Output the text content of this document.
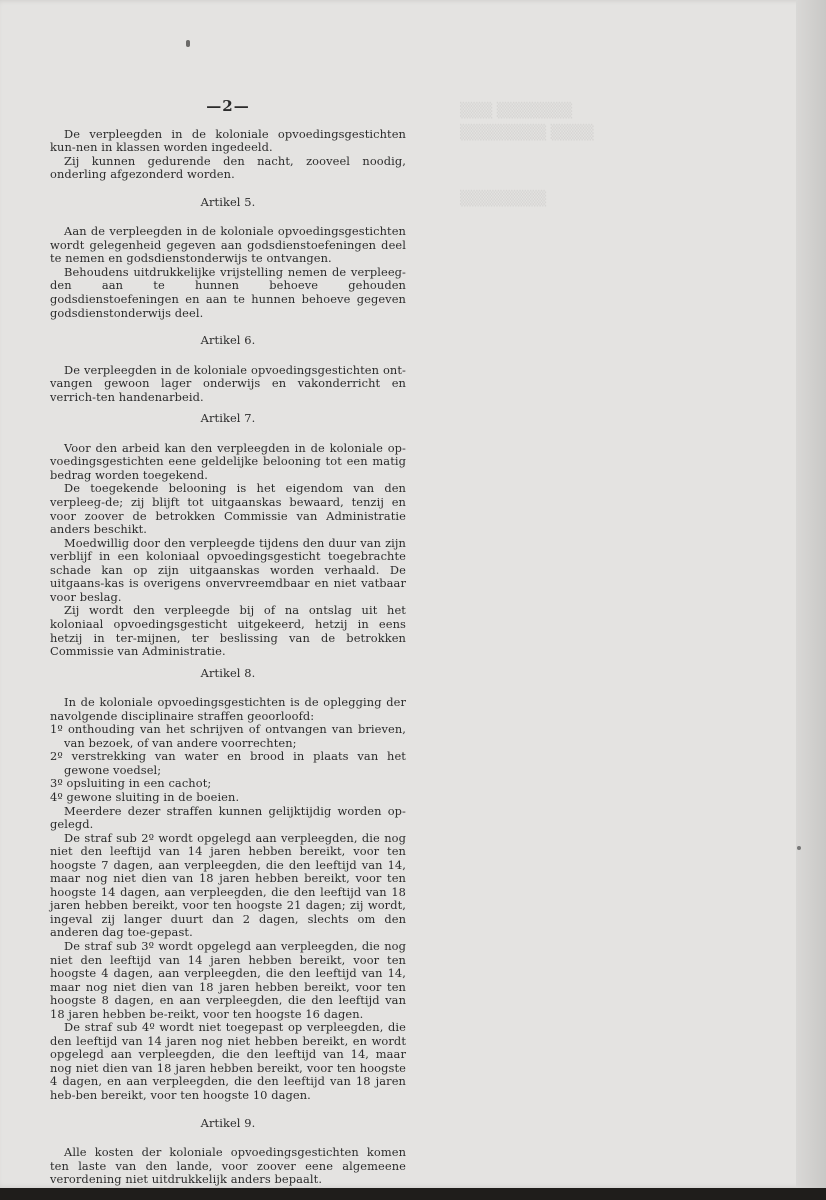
▒▒▒ ▒▒▒▒▒▒▒
▒▒▒▒▒▒▒▒ ▒▒▒▒

▒▒▒▒▒▒▒▒
—2—
De verpleegden in de koloniale opvoedingsgestichten kun-nen in klassen worden ingedeeld.
Zij kunnen gedurende den nacht, zooveel noodig, onderling afgezonderd worden.
Artikel 5.
Aan de verpleegden in de koloniale opvoedingsgestichten wordt gelegenheid gegeven aan godsdienstoefeningen deel te nemen en godsdienstonderwijs te ontvangen.
Behoudens uitdrukkelijke vrijstelling nemen de verpleeg-den aan te hunnen behoeve gehouden godsdienstoefeningen en aan te hunnen behoeve gegeven godsdienstonderwijs deel.
Artikel 6.
De verpleegden in de koloniale opvoedingsgestichten ont-vangen gewoon lager onderwijs en vakonderricht en verrich-ten handenarbeid.
Artikel 7.
Voor den arbeid kan den verpleegden in de koloniale op-voedingsgestichten eene geldelijke belooning tot een matig bedrag worden toegekend.
De toegekende belooning is het eigendom van den verpleeg-de; zij blijft tot uitgaanskas bewaard, tenzij en voor zoover de betrokken Commissie van Administratie anders beschikt.
Moedwillig door den verpleegde tijdens den duur van zijn verblijf in een koloniaal opvoedingsgesticht toegebrachte schade kan op zijn uitgaanskas worden verhaald. De uitgaans-kas is overigens onvervreemdbaar en niet vatbaar voor beslag.
Zij wordt den verpleegde bij of na ontslag uit het koloniaal opvoedingsgesticht uitgekeerd, hetzij in eens hetzij in ter-mijnen, ter beslissing van de betrokken Commissie van Administratie.
Artikel 8.
In de koloniale opvoedingsgestichten is de oplegging der navolgende disciplinaire straffen geoorloofd:
1º onthouding van het schrijven of ontvangen van brieven, van bezoek, of van andere voorrechten;
2º verstrekking van water en brood in plaats van het gewone voedsel;
3º opsluiting in een cachot;
4º gewone sluiting in de boeien.
Meerdere dezer straffen kunnen gelijktijdig worden op-gelegd.
De straf sub 2º wordt opgelegd aan verpleegden, die nog niet den leeftijd van 14 jaren hebben bereikt, voor ten hoogste 7 dagen, aan verpleegden, die den leeftijd van 14, maar nog niet dien van 18 jaren hebben bereikt, voor ten hoogste 14 dagen, aan verpleegden, die den leeftijd van 18 jaren hebben bereikt, voor ten hoogste 21 dagen; zij wordt, ingeval zij langer duurt dan 2 dagen, slechts om den anderen dag toe-gepast.
De straf sub 3º wordt opgelegd aan verpleegden, die nog niet den leeftijd van 14 jaren hebben bereikt, voor ten hoogste 4 dagen, aan verpleegden, die den leeftijd van 14, maar nog niet dien van 18 jaren hebben bereikt, voor ten hoogste 8 dagen, en aan verpleegden, die den leeftijd van 18 jaren hebben be-reikt, voor ten hoogste 16 dagen.
De straf sub 4º wordt niet toegepast op verpleegden, die den leeftijd van 14 jaren nog niet hebben bereikt, en wordt opgelegd aan verpleegden, die den leeftijd van 14, maar nog niet dien van 18 jaren hebben bereikt, voor ten hoogste 4 dagen, en aan verpleegden, die den leeftijd van 18 jaren heb-ben bereikt, voor ten hoogste 10 dagen.
Artikel 9.
Alle kosten der koloniale opvoedingsgestichten komen ten laste van den lande, voor zoover eene algemeene verordening niet uitdrukkelijk anders bepaalt.
